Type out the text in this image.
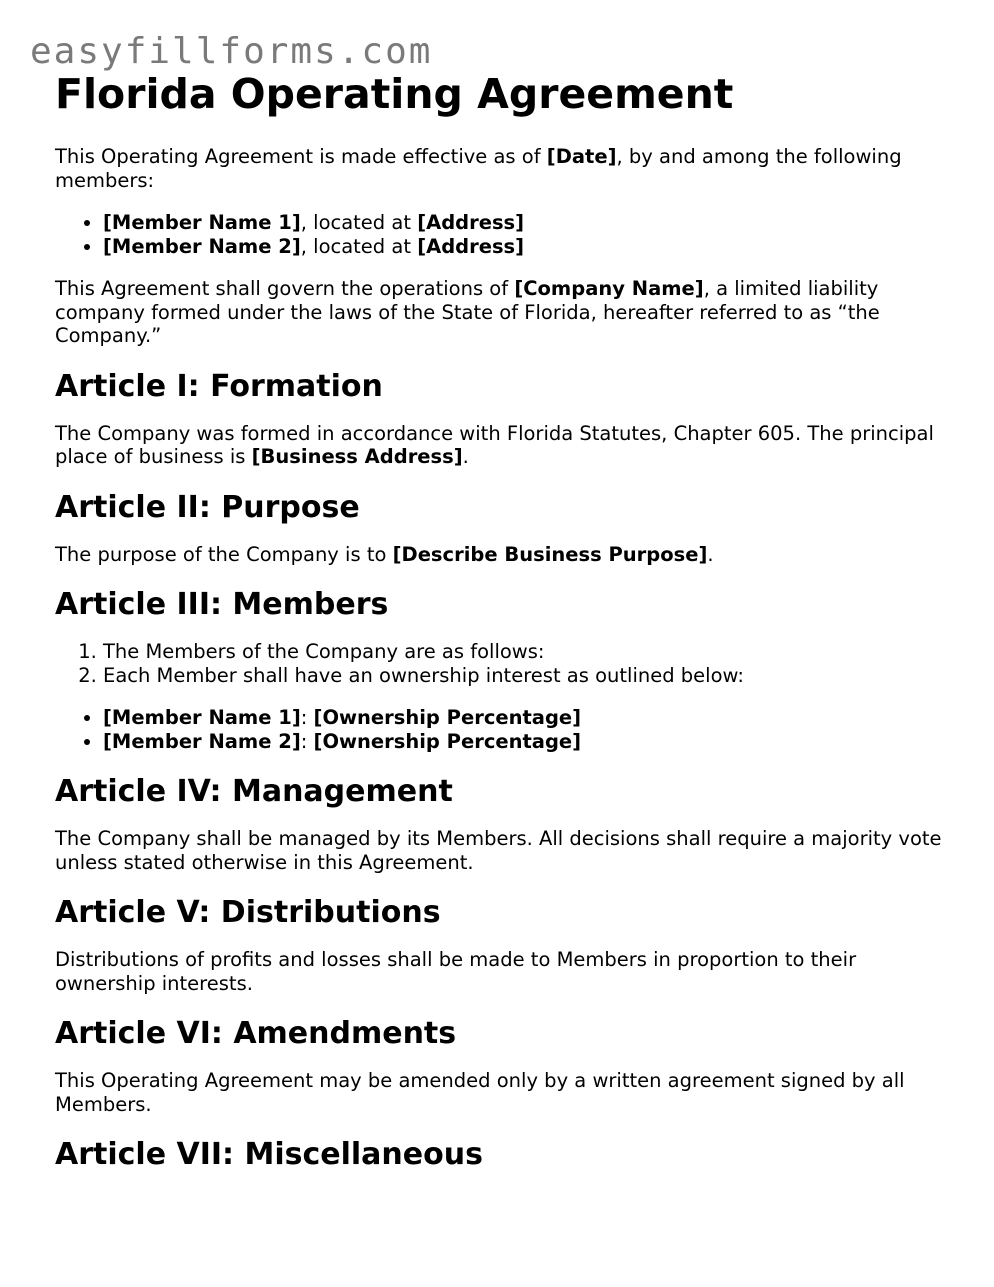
easyfillforms.com
Florida Operating Agreement

This Operating Agreement is made effective as of [Date], by and among the following members:

• [Member Name 1], located at [Address]
• [Member Name 2], located at [Address]

This Agreement shall govern the operations of [Company Name], a limited liability company formed under the laws of the State of Florida, hereafter referred to as “the Company.”

Article I: Formation

The Company was formed in accordance with Florida Statutes, Chapter 605. The principal place of business is [Business Address].

Article II: Purpose

The purpose of the Company is to [Describe Business Purpose].

Article III: Members
1. The Members of the Company are as follows:
2. Each Member shall have an ownership interest as outlined below:
• [Member Name 1]: [Ownership Percentage]
• [Member Name 2]: [Ownership Percentage]
Article IV: Management

The Company shall be managed by its Members. All decisions shall require a majority vote unless stated otherwise in this Agreement.

Article V: Distributions

Distributions of profits and losses shall be made to Members in proportion to their ownership interests.

Article VI: Amendments

This Operating Agreement may be amended only by a written agreement signed by all Members.

Article VII: Miscellaneous
